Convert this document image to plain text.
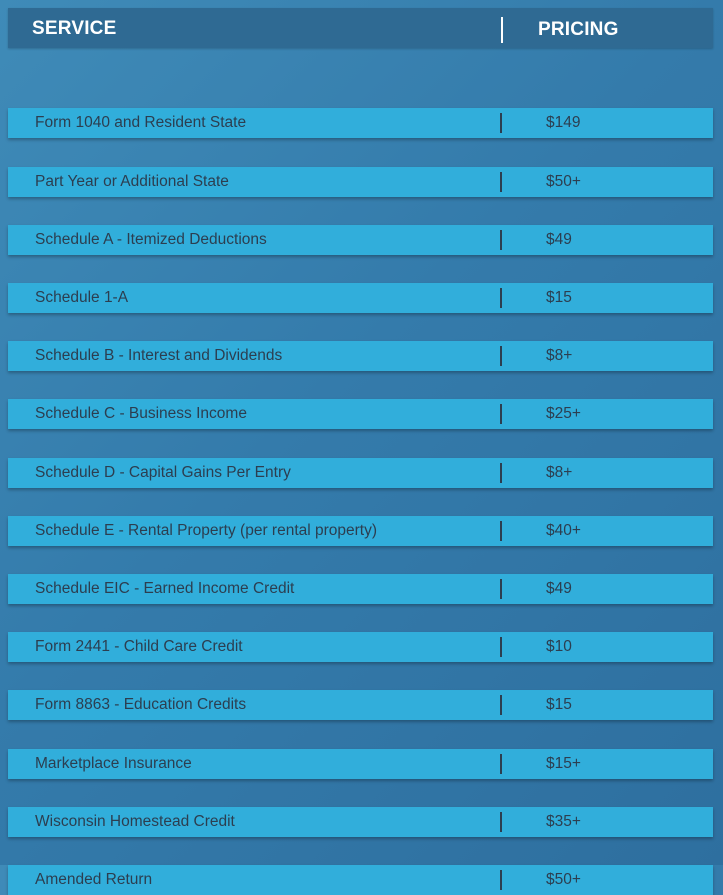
SERVICE	PRICING
Form 1040 and Resident State	$149
Part Year or Additional State	$50+
Schedule A - Itemized Deductions	$49
Schedule 1-A	$15
Schedule B - Interest and Dividends	$8+
Schedule C - Business Income	$25+
Schedule D - Capital Gains Per Entry	$8+
Schedule E - Rental Property (per rental property)	$40+
Schedule EIC - Earned Income Credit	$49
Form 2441 - Child Care Credit	$10
Form 8863 - Education Credits	$15
Marketplace Insurance	$15+
Wisconsin Homestead Credit	$35+
Amended Return	$50+
